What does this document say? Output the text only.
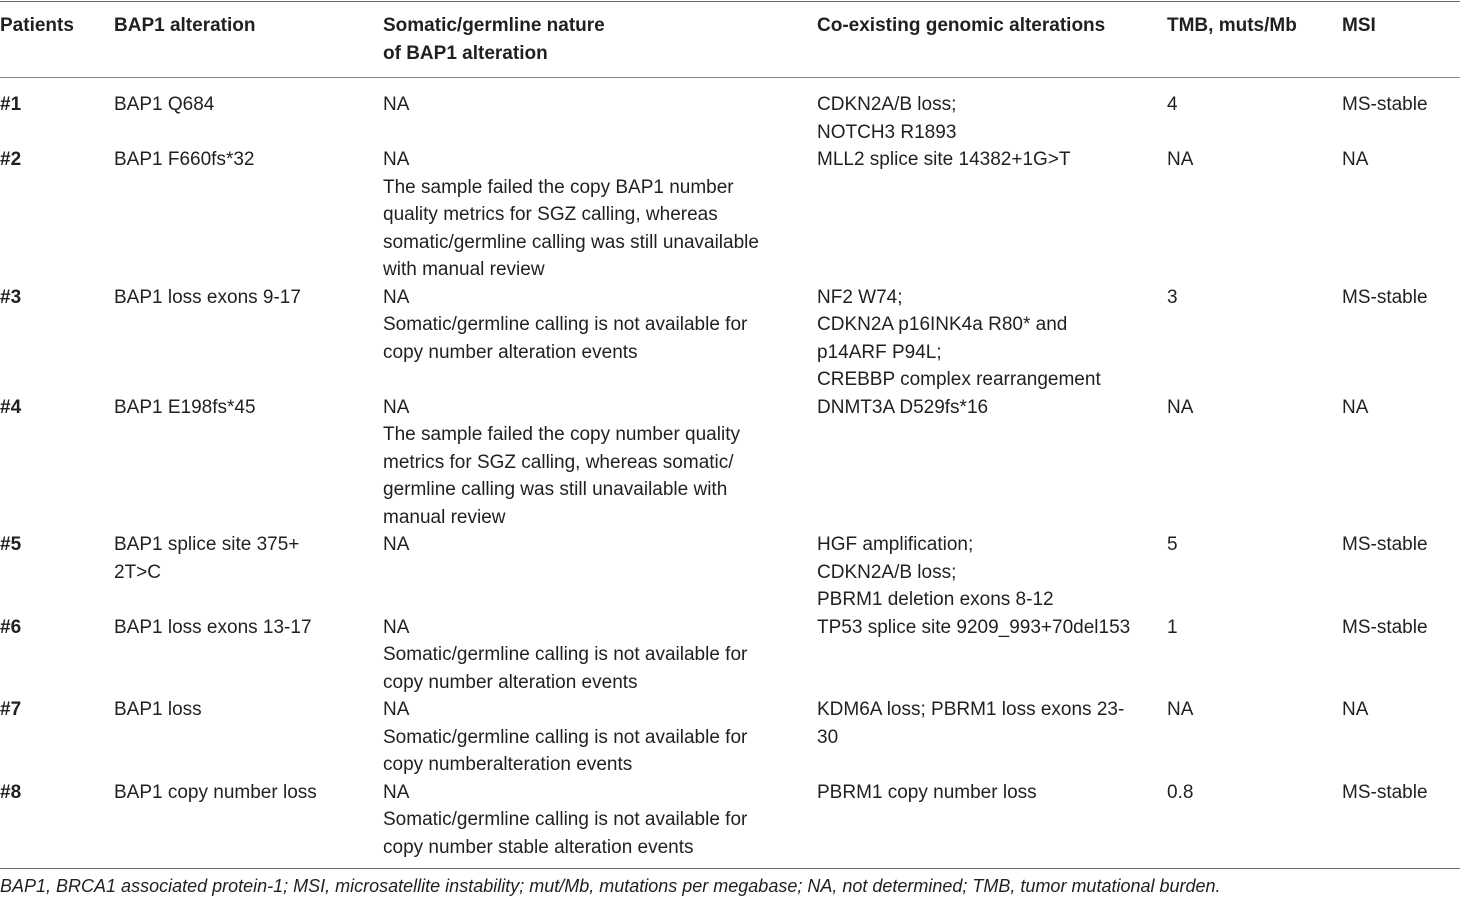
Patients	BAP1 alteration	Somatic/germline nature
of BAP1 alteration	Co-existing genomic alterations	TMB, muts/Mb	MSI
#1	BAP1 Q684	NA	CDKN2A/B loss;
NOTCH3 R1893	4	MS-stable
#2	BAP1 F660fs*32	NA
The sample failed the copy BAP1 number
quality metrics for SGZ calling, whereas
somatic/germline calling was still unavailable
with manual review	MLL2 splice site 14382+1G>T	NA	NA
#3	BAP1 loss exons 9-17	NA
Somatic/germline calling is not available for
copy number alteration events	NF2 W74;
CDKN2A p16INK4a R80* and
p14ARF P94L;
CREBBP complex rearrangement	3	MS-stable
#4	BAP1 E198fs*45	NA
The sample failed the copy number quality
metrics for SGZ calling, whereas somatic/
germline calling was still unavailable with
manual review	DNMT3A D529fs*16	NA	NA
#5	BAP1 splice site 375+
2T>C	NA	HGF amplification;
CDKN2A/B loss;
PBRM1 deletion exons 8-12	5	MS-stable
#6	BAP1 loss exons 13-17	NA
Somatic/germline calling is not available for
copy number alteration events	TP53 splice site 9209_993+70del153	1	MS-stable
#7	BAP1 loss	NA
Somatic/germline calling is not available for
copy numberalteration events	KDM6A loss; PBRM1 loss exons 23-
30	NA	NA
#8	BAP1 copy number loss	NA
Somatic/germline calling is not available for
copy number stable alteration events	PBRM1 copy number loss	0.8	MS-stable
BAP1, BRCA1 associated protein-1; MSI, microsatellite instability; mut/Mb, mutations per megabase; NA, not determined; TMB, tumor mutational burden.
